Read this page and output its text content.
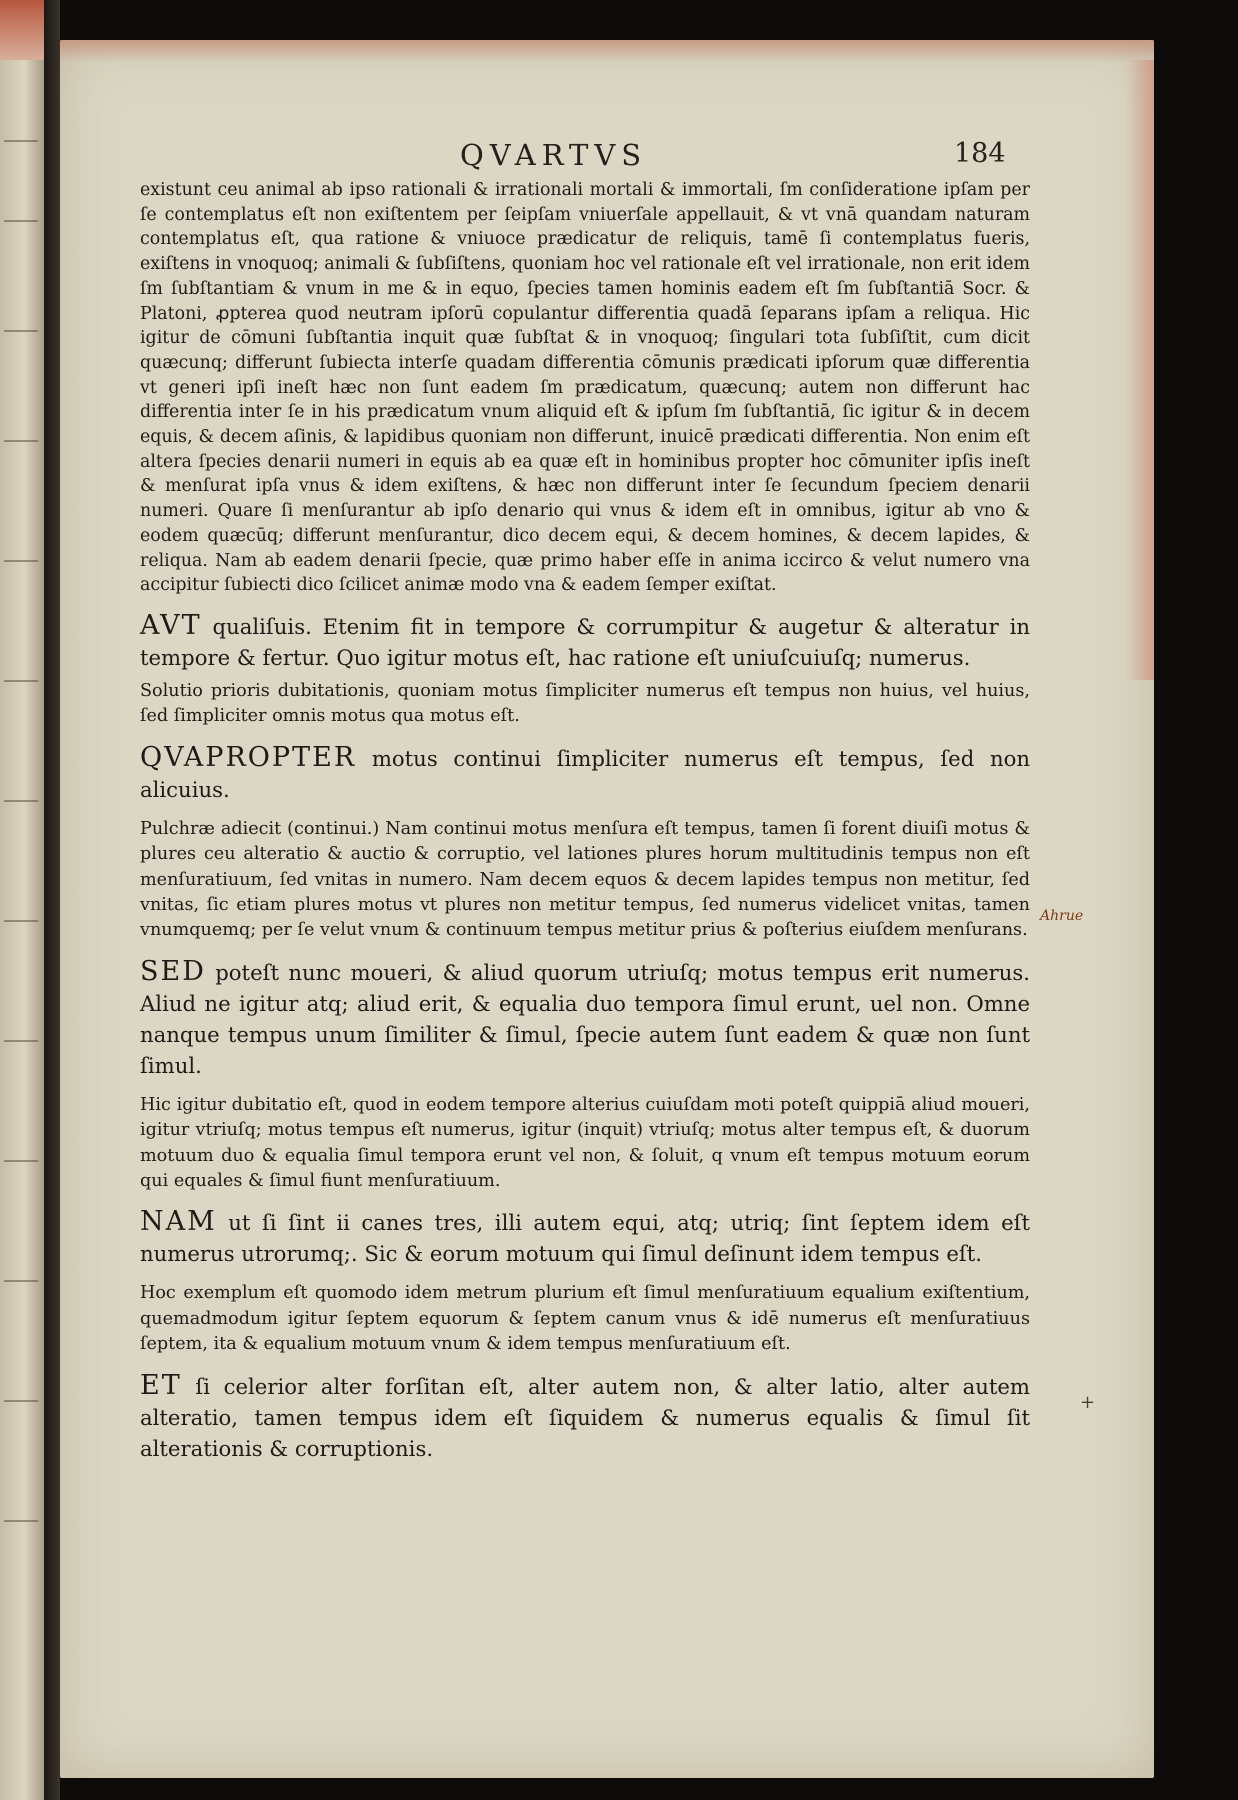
QVARTVS	184

existunt ceu animal ab ipso rationali & irrationali mortali & immortali, ſm conſideratione ipſam per ſe contemplatus eſt non exiſtentem per ſeipſam vniuerſale appellauit, & vt vnā quandam naturam contemplatus eſt, qua ratione & vniuoce prædicatur de reliquis, tamē ſi contemplatus fueris, exiſtens in vnoquoq; animali & ſubſiſtens, quoniam hoc vel rationale eſt vel irrationale, non erit idem ſm ſubſtantiam & vnum in me & in equo, ſpecies tamen hominis eadem eſt ſm ſubſtantiā Socr. & Platoni, ꝓpterea quod neutram ipſorū copulantur differentia quadā ſeparans ipſam a reliqua. Hic igitur de cōmuni ſubſtantia inquit quæ ſubſtat & in vnoquoq; ſingulari tota ſubſiſtit, cum dicit quæcunq; differunt ſubiecta interſe quadam differentia cōmunis prædicati ipſorum quæ differentia vt generi ipſi ineſt hæc non ſunt eadem ſm prædicatum, quæcunq; autem non differunt hac differentia inter ſe in his prædicatum vnum aliquid eſt & ipſum ſm ſubſtantiā, ſic igitur & in decem equis, & decem aſinis, & lapidibus quoniam non differunt, inuicē prædicati differentia. Non enim eſt altera ſpecies denarii numeri in equis ab ea quæ eſt in hominibus propter hoc cōmuniter ipſis ineſt & menſurat ipſa vnus & idem exiſtens, & hæc non differunt inter ſe ſecundum ſpeciem denarii numeri. Quare ſi menſurantur ab ipſo denario qui vnus & idem eſt in omnibus, igitur ab vno & eodem quæcūq; differunt menſurantur, dico decem equi, & decem homines, & decem lapides, & reliqua. Nam ab eadem denarii ſpecie, quæ primo haber eſſe in anima iccirco & velut numero vna accipitur ſubiecti dico ſcilicet animæ modo vna & eadem ſemper exiſtat.

AVT qualiſuis. Etenim fit in tempore & corrumpitur & augetur & alteratur in tempore & fertur. Quo igitur motus eſt, hac ratione eſt uniuſcuiuſq; numerus.

Solutio prioris dubitationis, quoniam motus ſimpliciter numerus eſt tempus non huius, vel huius, ſed ſimpliciter omnis motus qua motus eſt.

QVAPROPTER motus continui ſimpliciter numerus eſt tempus, ſed non alicuius.

Pulchræ adiecit (continui.) Nam continui motus menſura eſt tempus, tamen ſi forent diuiſi motus & plures ceu alteratio & auctio & corruptio, vel lationes plures horum multitudinis tempus non eſt menſuratiuum, ſed vnitas in numero. Nam decem equos & decem lapides tempus non metitur, ſed vnitas, ſic etiam plures motus vt plures non metitur tempus, ſed numerus videlicet vnitas, tamen vnumquemq; per ſe velut vnum & continuum tempus metitur prius & poſterius eiuſdem menſurans.

SED poteſt nunc moueri, & aliud quorum utriuſq; motus tempus erit numerus. Aliud ne igitur atq; aliud erit, & equalia duo tempora ſimul erunt, uel non. Omne nanque tempus unum ſimiliter & ſimul, ſpecie autem ſunt eadem & quæ non ſunt ſimul.

Hic igitur dubitatio eſt, quod in eodem tempore alterius cuiuſdam moti poteſt quippiā aliud moueri, igitur vtriuſq; motus tempus eſt numerus, igitur (inquit) vtriuſq; motus alter tempus eſt, & duorum motuum duo & equalia ſimul tempora erunt vel non, & ſoluit, q vnum eſt tempus motuum eorum qui equales & ſimul fiunt menſuratiuum.

NAM ut ſi ſint ii canes tres, illi autem equi, atq; utriq; ſint ſeptem idem eſt numerus utrorumq;. Sic & eorum motuum qui ſimul deſinunt idem tempus eſt.

Hoc exemplum eſt quomodo idem metrum plurium eſt ſimul menſuratiuum equalium exiſtentium, quemadmodum igitur ſeptem equorum & ſeptem canum vnus & idē numerus eſt menſuratiuus ſeptem, ita & equalium motuum vnum & idem tempus menſuratiuum eſt.

ET ſi celerior alter forſitan eſt, alter autem non, & alter latio, alter autem alteratio, tamen tempus idem eſt ſiquidem & numerus equalis & ſimul ſit alterationis & corruptionis.

Ahrue
+
